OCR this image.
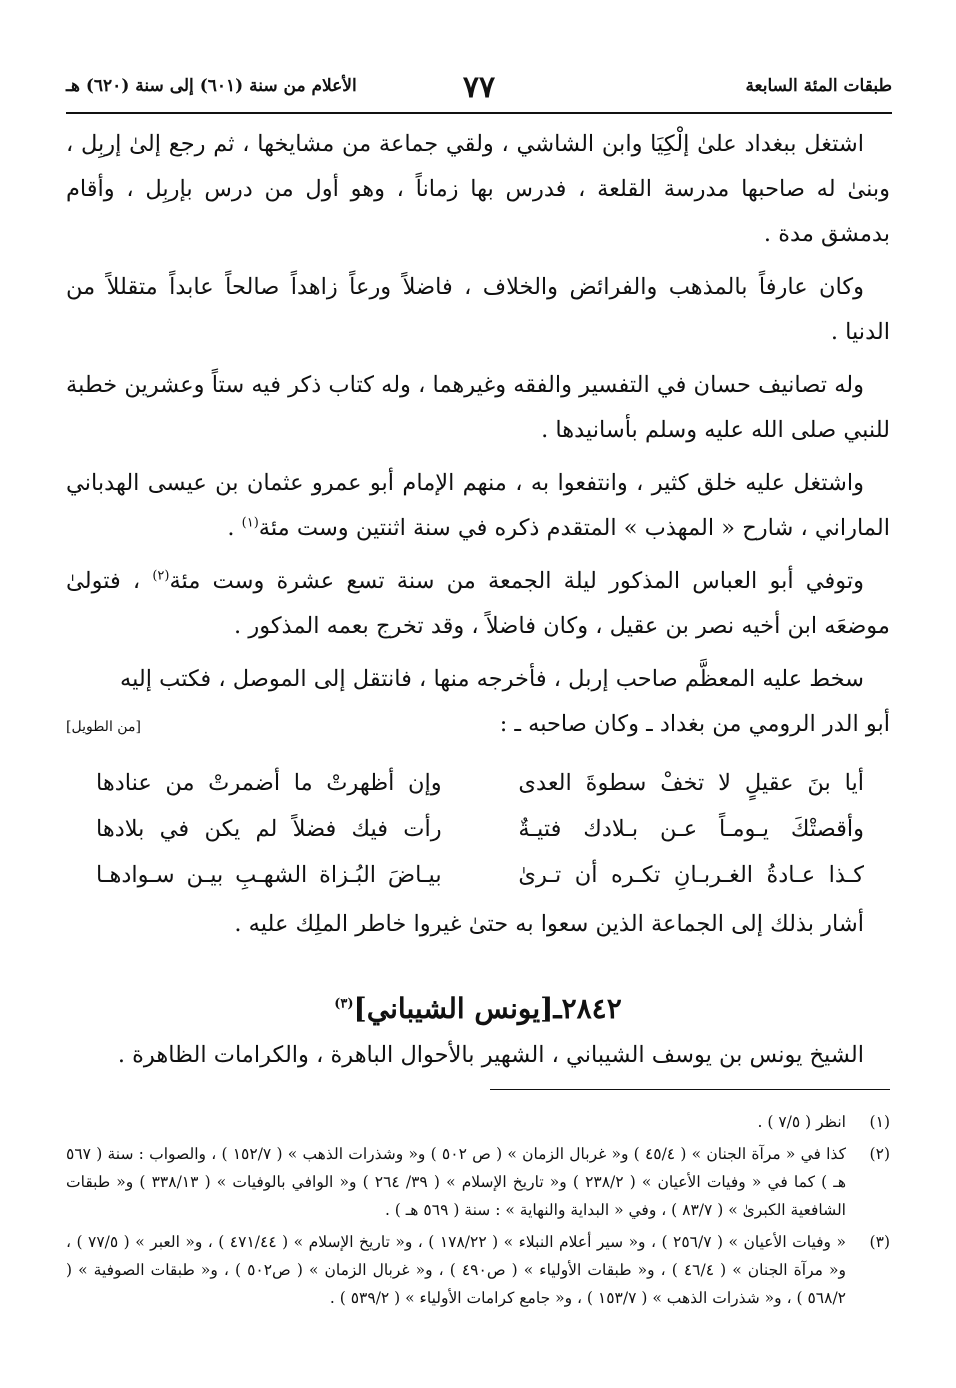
طبقات المئة السابعة
٧٧
الأعلام من سنة (٦٠١) إلى سنة (٦٢٠) هـ

اشتغل ببغداد علىٰ إلْكِيَا وابن الشاشي ، ولقي جماعة من مشايخها ، ثم رجع إلىٰ إربِل ، وبنىٰ له صاحبها مدرسة القلعة ، فدرس بها زماناً ، وهو أول من درس بإربِل ، وأقام بدمشق مدة .

وكان عارفاً بالمذهب والفرائض والخلاف ، فاضلاً ورعاً زاهداً صالحاً عابداً متقللاً من الدنيا .

وله تصانيف حسان في التفسير والفقه وغيرهما ، وله كتاب ذكر فيه ستاً وعشرين خطبة للنبي صلى الله عليه وسلم بأسانيدها .

واشتغل عليه خلق كثير ، وانتفعوا به ، منهم الإمام أبو عمرو عثمان بن عيسى الهدباني الماراني ، شارح « المهذب » المتقدم ذكره في سنة اثنتين وست مئة$^{(١)}$ .

وتوفي أبو العباس المذكور ليلة الجمعة من سنة تسع عشرة وست مئة$^{(٢)}$ ، فتولىٰ موضعَه ابن أخيه نصر بن عقيل ، وكان فاضلاً ، وقد تخرج بعمه المذكور .

سخط عليه المعظَّم صاحب إربل ، فأخرجه منها ، فانتقل إلى الموصل ، فكتب إليه

أبو الدر الرومي من بغداد ـ وكان صاحبه ـ :
[من الطويل]
أيا بنَ عقيلٍ لا تخفْ سطوةَ العدى
وإن أظهرتْ ما أضمرتْ من عنادها
وأقصتْكَ يـومـاً عـن بـلادك فتيـةٌ
رأت فيك فضلاً لم يكن في بلادها
كـذا عـادةُ الغـربـانِ تكـره أن تـرىٰ
بيـاضَ البُـزاة الشهـبِ بيـن سـوادهـا

أشار بذلك إلى الجماعة الذين سعوا به حتىٰ غيروا خاطر الملِك عليه .

٢٨٤٢ـ[يونس الشيباني]$^{(٣)}$

الشيخ يونس بن يوسف الشيباني ، الشهير بالأحوال الباهرة ، والكرامات الظاهرة .

(١)
انظر ( ٧/٥ ) .
(٢)
كذا في « مرآة الجنان » ( ٤٥/٤ ) و« غربال الزمان » ( ص ٥٠٢ ) و« وشذرات الذهب » ( ١٥٢/٧ ) ، والصواب : سنة ( ٥٦٧ هـ ) كما في « وفيات الأعيان » ( ٢٣٨/٢ ) و« تاريخ الإسلام » ( ٣٩/ ٢٦٤ ) و« الوافي بالوفيات » ( ٣٣٨/١٣ ) و« طبقات الشافعية الكبرىٰ » ( ٨٣/٧ ) ، وفي « البداية والنهاية » : سنة ( ٥٦٩ هـ ) .
(٣)
« وفيات الأعيان » ( ٢٥٦/٧ ) ، و« سير أعلام النبلاء » ( ١٧٨/٢٢ ) ، و« تاريخ الإسلام » ( ٤٧١/٤٤ ) ، و« العبر » ( ٧٧/٥ ) ، و« مرآة الجنان » ( ٤٦/٤ ) ، و« طبقات الأولياء » ( ص٤٩٠ ) ، و« غربال الزمان » ( ص٥٠٢ ) ، و« طبقات الصوفية » ( ٥٦٨/٢ ) ، و« شذرات الذهب » ( ١٥٣/٧ ) ، و« جامع كرامات الأولياء » ( ٥٣٩/٢ ) .
